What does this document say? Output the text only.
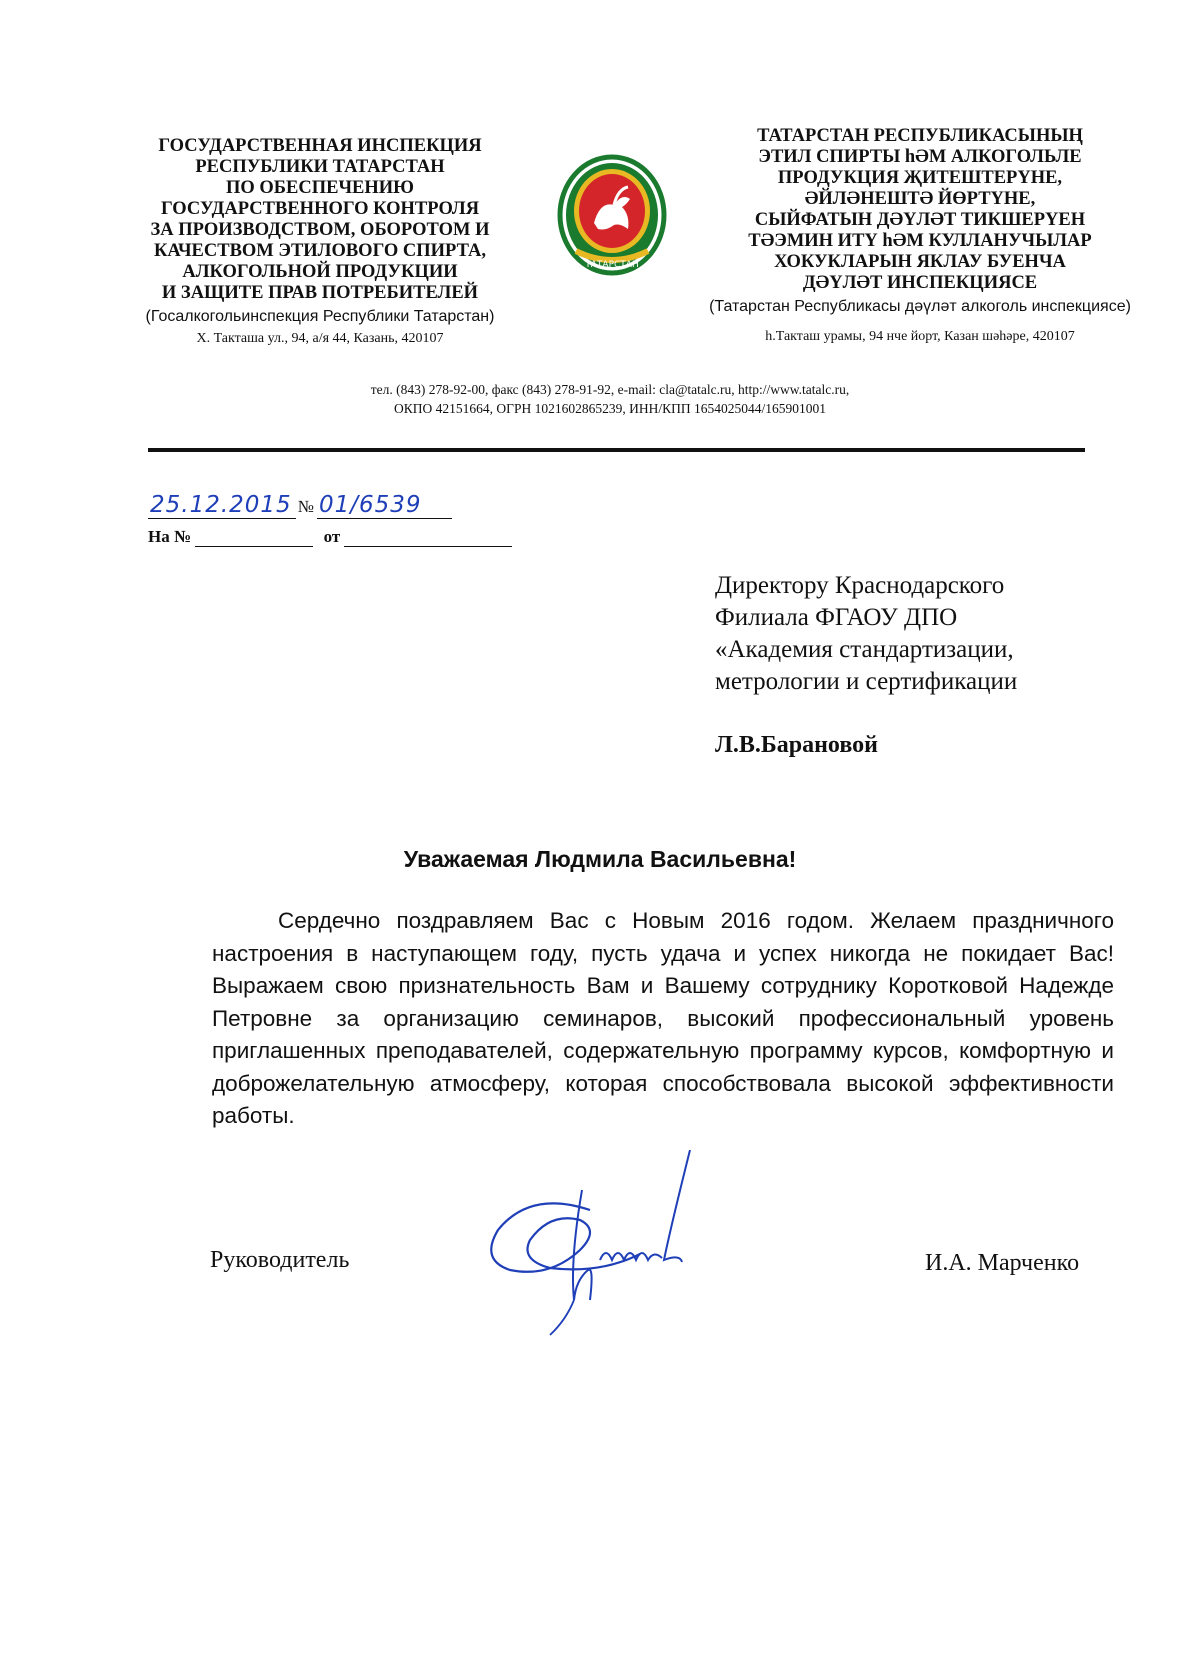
ГОСУДАРСТВЕННАЯ ИНСПЕКЦИЯ
РЕСПУБЛИКИ ТАТАРСТАН
ПО ОБЕСПЕЧЕНИЮ
ГОСУДАРСТВЕННОГО КОНТРОЛЯ
ЗА ПРОИЗВОДСТВОМ, ОБОРОТОМ И
КАЧЕСТВОМ ЭТИЛОВОГО СПИРТА,
АЛКОГОЛЬНОЙ ПРОДУКЦИИ
И ЗАЩИТЕ ПРАВ ПОТРЕБИТЕЛЕЙ
(Госалкогольинспекция Республики Татарстан)
Х. Такташа ул., 94, а/я 44, Казань, 420107
ТАТАРСТАН
ТАТАРСТАН РЕСПУБЛИКАСЫНЫҢ
ЭТИЛ СПИРТЫ hӘМ АЛКОГОЛЬЛЕ
ПРОДУКЦИЯ ҖИТЕШТЕРҮНЕ,
ӘЙЛӘНЕШТӘ ЙӨРТҮНЕ,
СЫЙФАТЫН ДӘҮЛӘТ ТИКШЕРҮЕН
ТӘЭМИН ИТҮ hӘМ КУЛЛАНУЧЫЛАР
ХОКУКЛАРЫН ЯКЛАУ БУЕНЧА
ДӘҮЛӘТ ИНСПЕКЦИЯСЕ
(Татарстан Республикасы дәүләт алкоголь инспекциясе)
h.Такташ урамы, 94 нче йорт, Казан шәһәре, 420107
тел. (843) 278-92-00, факс (843) 278-91-92, e-mail: cla@tatalc.ru, http://www.tatalc.ru,
ОКПО 42151664, ОГРН 1021602865239, ИНН/КПП 1654025044/165901001
25.12.2015 № 01/6539
На №	от
Директору Краснодарского
Филиала ФГАОУ ДПО
«Академия стандартизации,
метрологии и сертификации
Л.В.Барановой
Уважаемая Людмила Васильевна!
Сердечно поздравляем Вас с Новым 2016 годом. Желаем праздничного настроения в наступающем году, пусть удача и успех никогда не покидает Вас! Выражаем свою признательность Вам и Вашему сотруднику Коротковой Надежде Петровне за организацию семинаров, высокий профессиональный уровень приглашенных преподавателей, содержательную программу курсов, комфортную и доброжелательную атмосферу, которая способствовала высокой эффективности работы.
Руководитель	И.А. Марченко
